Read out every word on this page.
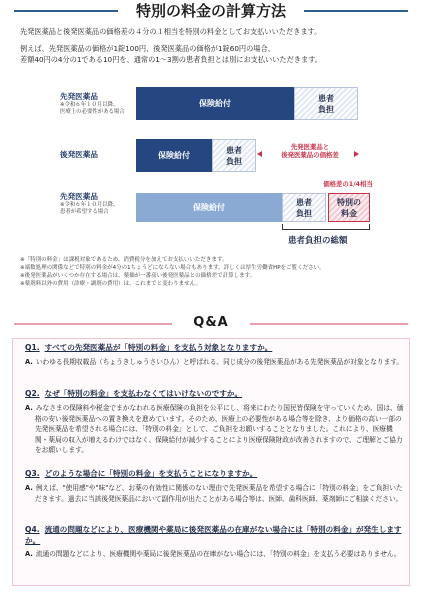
特別の料金の計算方法

先発医薬品と後発医薬品の価格差の４分の１相当を特別の料金としてお支払いいただきます。

例えば、先発医薬品の価格が1錠100円、後発医薬品の価格が1錠60円の場合、

差額40円の4分の1である10円を、通常の1～3割の患者負担とは別にお支払いいただきます。

先発医薬品
※令和６年１０月以降、
医療上の必要性がある場合
保険給付
患者
負担
後発医薬品	保険給付
患者
負担
先発医薬品と
後発医薬品の価格差
先発医薬品
※令和６年１０月以降、
患者が希望する場合
価格差の1/4相当
保険給付
患者
負担
特別の
料金
患者負担の総額
※「特別の料金」は課税対象であるため、消費税分を加えてお支払いいただきます。
※端数処理の関係などで特別の料金が4分の1ちょうどにならない場合もあります。詳しくは厚生労働省HPをご覧ください。
※後発医薬品がいくつか存在する場合は、薬価が一番高い後発医薬品との価格差で計算します。
※薬剤料以外の費用（診療・調剤の費用）は、これまでと変わりません。
Q&A
Q1. すべての先発医薬品が「特別の料金」を支払う対象となりますか。
A. いわゆる長期収載品（ちょうきしゅうさいひん）と呼ばれる、同じ成分の後発医薬品がある先発医薬品が対象となります。
Q2. なぜ「特別の料金」を支払わなくてはいけないのですか。
A. みなさまの保険料や税金でまかなわれる医療保険の負担を公平にし、将来にわたり国民皆保険を守っていくため、国は、価格の安い後発医薬品への置き換えを進めています。そのため、医療上の必要性がある場合等を除き、より価格の高い一部の先発医薬品を希望される場合には、「特別の料金」として、ご負担をお願いすることとなりました。これにより、医療機関・薬局の収入が増えるわけではなく、保険給付が減少することにより医療保険財政が改善されますので、ご理解とご協力をお願いします。
Q3. どのような場合に「特別の料金」を支払うことになりますか。
A. 例えば、"使用感"や"味"など、お薬の有効性に関係のない理由で先発医薬品を希望する場合に「特別の料金」をご負担いただきます。過去に当該後発医薬品において副作用が出たことがある場合等は、医師、歯科医師、薬剤師にご相談ください。
Q4. 流通の問題などにより、医療機関や薬局に後発医薬品の在庫がない場合には「特別の料金」が発生しますか。
A. 流通の問題などにより、医療機関や薬局に後発医薬品の在庫がない場合には、「特別の料金」を支払う必要はありません。
